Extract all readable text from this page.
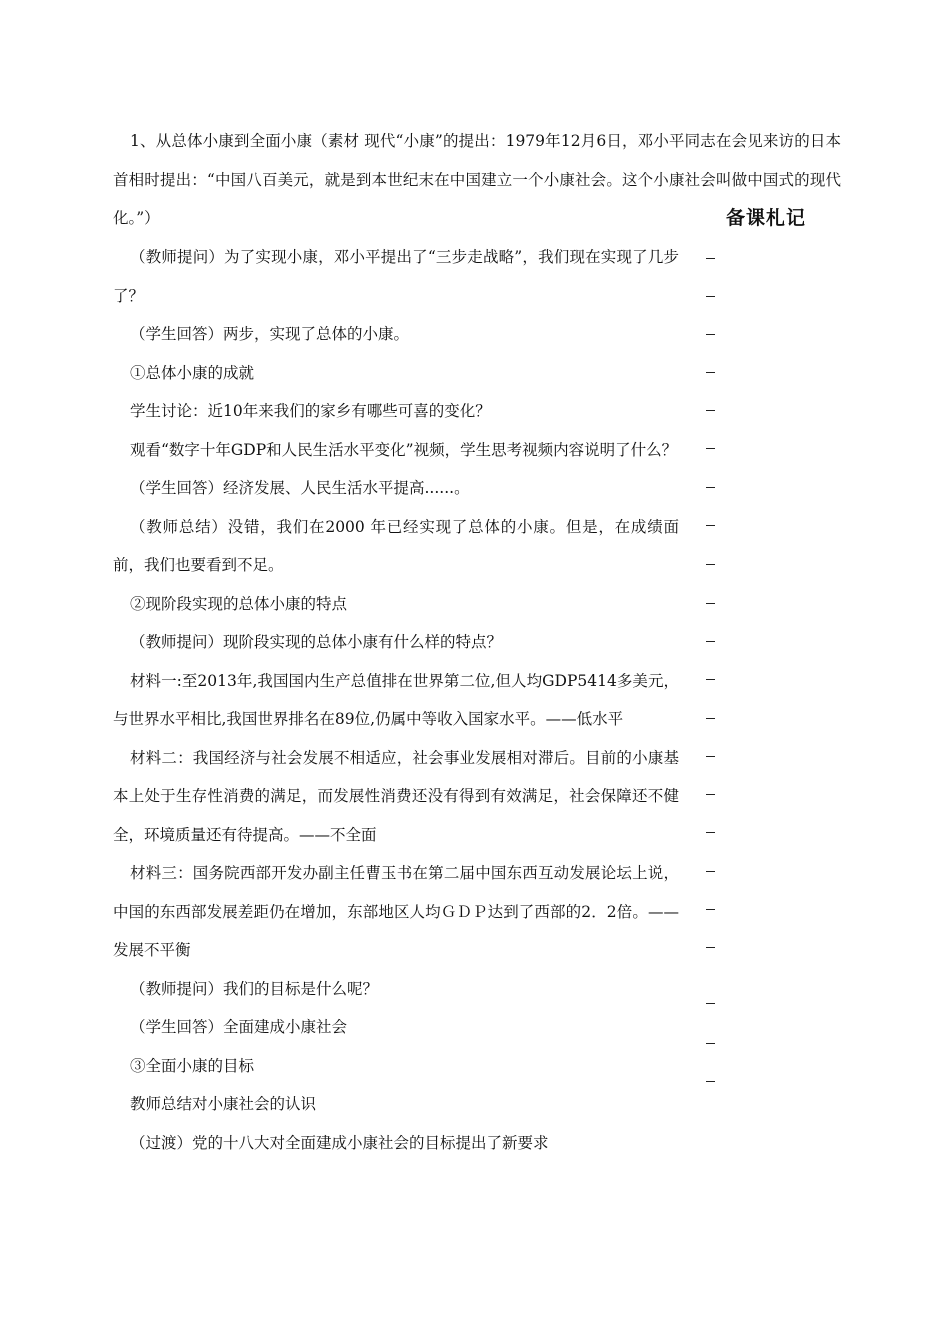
1、从总体小康到全面小康（素材 现代“小康”的提出：1979年12月6日，邓小平同志在会见来访的日本首相时提出：“中国八百美元，就是到本世纪末在中国建立一个小康社会。这个小康社会叫做中国式的现代化。”）	备课札记

（教师提问）为了实现小康，邓小平提出了“三步走战略”，我们现在实现了几步了？

（学生回答）两步，实现了总体的小康。

①总体小康的成就

学生讨论：近10年来我们的家乡有哪些可喜的变化？

观看“数字十年GDP和人民生活水平变化”视频，学生思考视频内容说明了什么？

（学生回答）经济发展、人民生活水平提高......。

（教师总结）没错，我们在2000 年已经实现了总体的小康。但是，在成绩面前，我们也要看到不足。

②现阶段实现的总体小康的特点

（教师提问）现阶段实现的总体小康有什么样的特点？

材料一:至2013年,我国国内生产总值排在世界第二位,但人均GDP5414多美元，与世界水平相比,我国世界排名在89位,仍属中等收入国家水平。——低水平

材料二：我国经济与社会发展不相适应，社会事业发展相对滞后。目前的小康基本上处于生存性消费的满足，而发展性消费还没有得到有效满足，社会保障还不健全，环境质量还有待提高。——不全面

材料三：国务院西部开发办副主任曹玉书在第二届中国东西互动发展论坛上说，中国的东西部发展差距仍在增加，东部地区人均ＧＤＰ达到了西部的2．2倍。——发展不平衡

（教师提问）我们的目标是什么呢？

（学生回答）全面建成小康社会

③全面小康的目标

教师总结对小康社会的认识

（过渡）党的十八大对全面建成小康社会的目标提出了新要求
